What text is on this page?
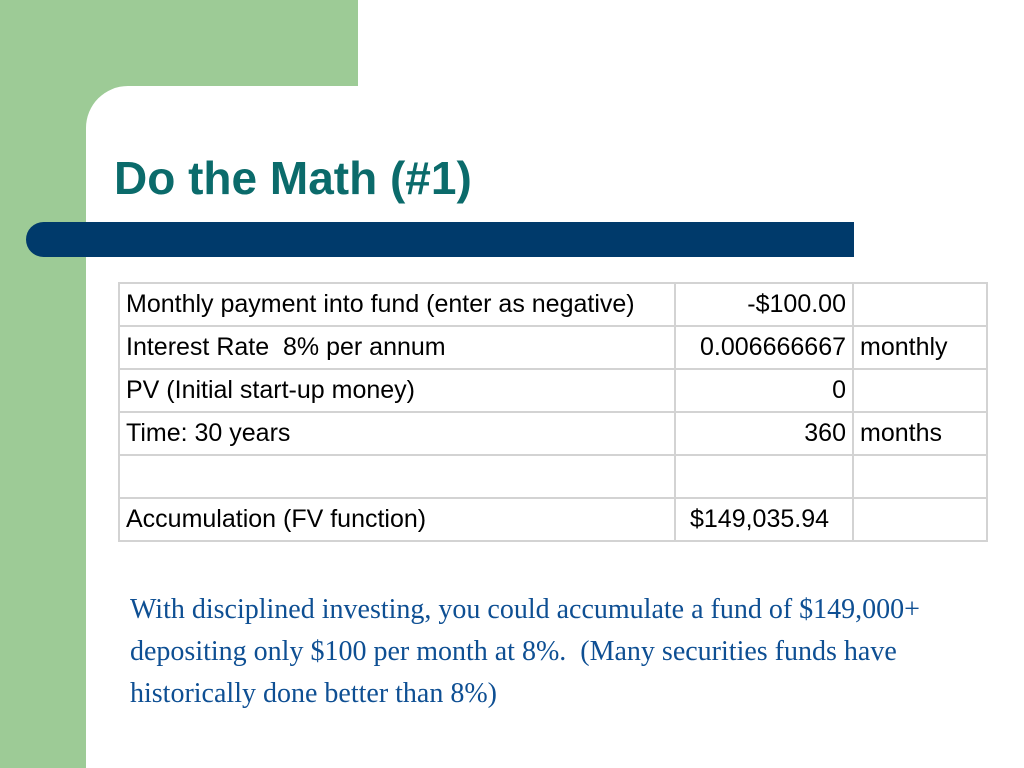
Do the Math (#1)
Monthly payment into fund (enter as negative)	-$100.00	
Interest Rate  8% per annum	0.006666667	monthly
PV (Initial start-up money)	0	
Time: 30 years	360	months

Accumulation (FV function)	$149,035.94	

With disciplined investing, you could accumulate a fund of $149,000+ depositing only $100 per month at 8%.  (Many securities funds have historically done better than 8%)
